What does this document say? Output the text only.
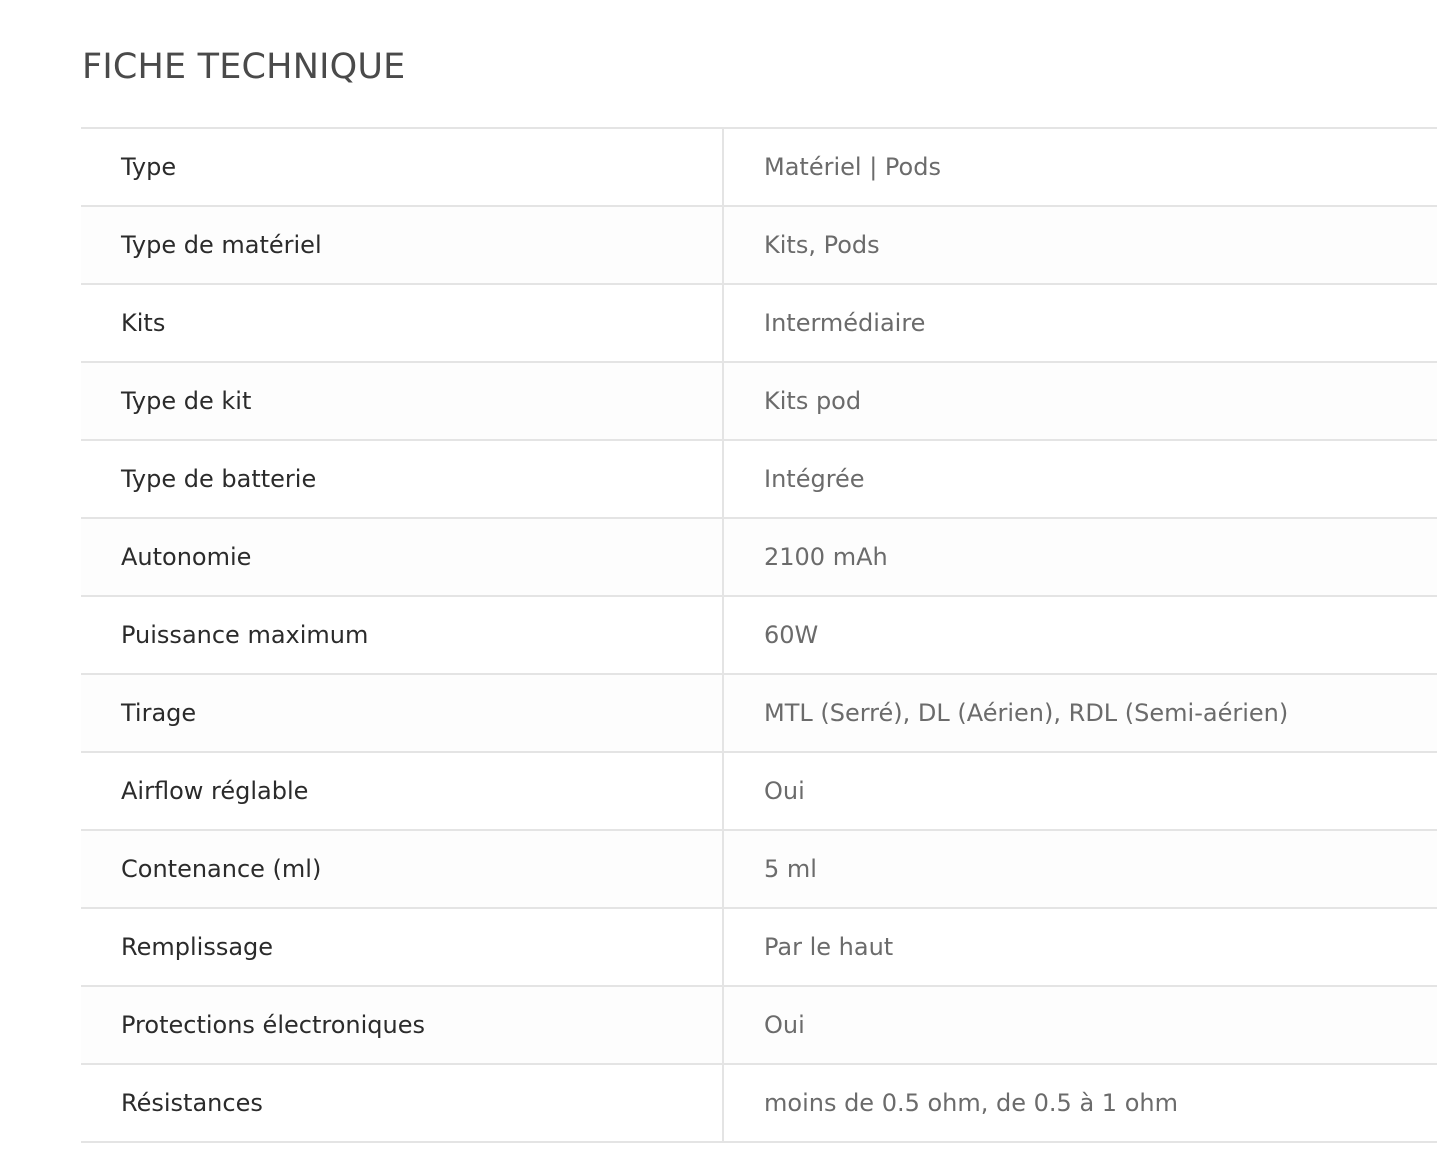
FICHE TECHNIQUE
Type	Matériel | Pods
Type de matériel	Kits, Pods
Kits	Intermédiaire
Type de kit	Kits pod
Type de batterie	Intégrée
Autonomie	2100 mAh
Puissance maximum	60W
Tirage	MTL (Serré), DL (Aérien), RDL (Semi-aérien)
Airflow réglable	Oui
Contenance (ml)	5 ml
Remplissage	Par le haut
Protections électroniques	Oui
Résistances	moins de 0.5 ohm, de 0.5 à 1 ohm
